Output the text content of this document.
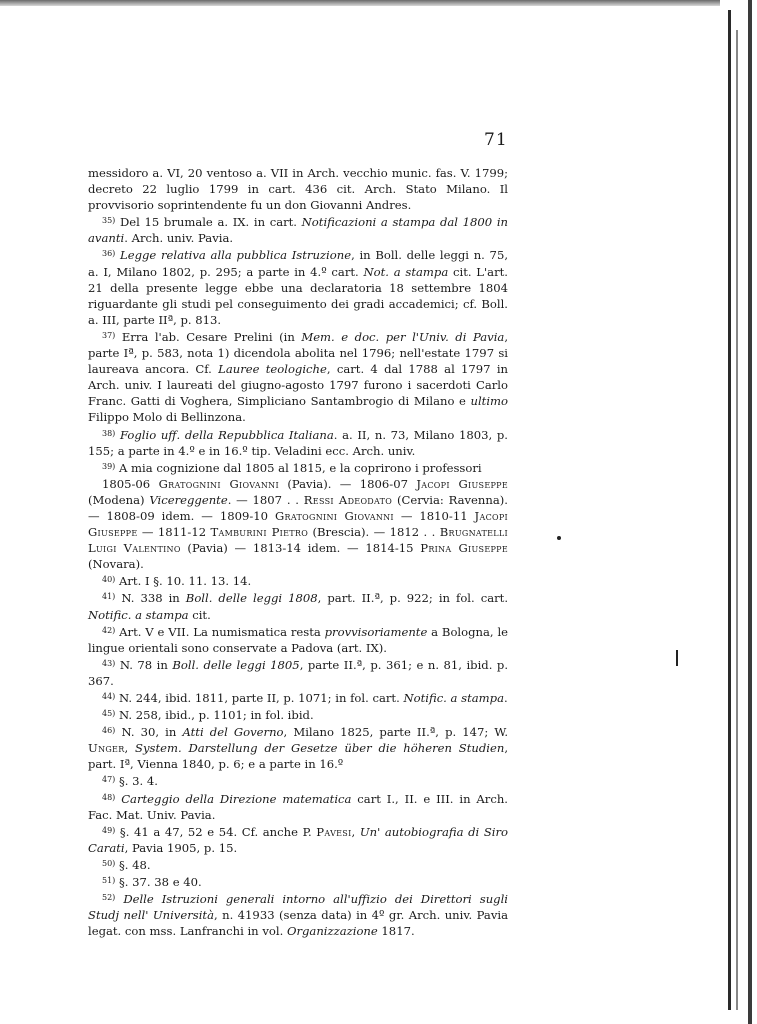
71

messidoro a. VI, 20 ventoso a. VII in Arch. vecchio munic. fas. V. 1799; decreto 22 luglio 1799 in cart. 436 cit. Arch. Stato Milano. Il provvisorio soprintendente fu un don Giovanni Andres.

$^{35)}$ Del 15 brumale a. IX. in cart. Notificazioni a stampa dal 1800 in avanti. Arch. univ. Pavia.

$^{36)}$ Legge relativa alla pubblica Istruzione, in Boll. delle leggi n. 75, a. I, Milano 1802, p. 295; a parte in 4.º cart. Not. a stampa cit. L'art. 21 della presente legge ebbe una declaratoria 18 settembre 1804 riguardante gli studi pel conseguimento dei gradi accademici; cf. Boll. a. III, parte IIª, p. 813.

$^{37)}$ Erra l'ab. Cesare Prelini (in Mem. e doc. per l'Univ. di Pavia, parte Iª, p. 583, nota 1) dicendola abolita nel 1796; nell'estate 1797 si laureava ancora. Cf. Lauree teologiche, cart. 4 dal 1788 al 1797 in Arch. univ. I laureati del giugno-agosto 1797 furono i sacerdoti Carlo Franc. Gatti di Voghera, Simpliciano Santambrogio di Milano e ultimo Filippo Molo di Bellinzona.

$^{38)}$ Foglio uff. della Repubblica Italiana. a. II, n. 73, Milano 1803, p. 155; a parte in 4.º e in 16.º tip. Veladini ecc. Arch. univ.

$^{39)}$ A mia cognizione dal 1805 al 1815, e la coprirono i professori

1805-06 Gratognini Giovanni (Pavia). — 1806-07 Jacopi Giuseppe (Modena) Vicereggente. — 1807 . . Ressi Adeodato (Cervia: Ravenna). — 1808-09 idem. — 1809-10 Gratognini Giovanni — 1810-11 Jacopi Giuseppe — 1811-12 Tamburini Pietro (Brescia). — 1812 . . Brugnatelli Luigi Valentino (Pavia) — 1813-14 idem. — 1814-15 Prina Giuseppe (Novara).

$^{40)}$ Art. I §. 10. 11. 13. 14.

$^{41)}$ N. 338 in Boll. delle leggi 1808, part. II.ª, p. 922; in fol. cart. Notific. a stampa cit.

$^{42)}$ Art. V e VII. La numismatica resta provvisoriamente a Bologna, le lingue orientali sono conservate a Padova (art. IX).

$^{43)}$ N. 78 in Boll. delle leggi 1805, parte II.ª, p. 361; e n. 81, ibid. p. 367.

$^{44)}$ N. 244, ibid. 1811, parte II, p. 1071; in fol. cart. Notific. a stampa.

$^{45)}$ N. 258, ibid., p. 1101; in fol. ibid.

$^{46)}$ N. 30, in Atti del Governo, Milano 1825, parte II.ª, p. 147; W. Unger, System. Darstellung der Gesetze über die höheren Studien, part. Iª, Vienna 1840, p. 6; e a parte in 16.º

$^{47)}$ §. 3. 4.

$^{48)}$ Carteggio della Direzione matematica cart I., II. e III. in Arch. Fac. Mat. Univ. Pavia.

$^{49)}$ §. 41 a 47, 52 e 54. Cf. anche P. Pavesi, Un' autobiografia di Siro Carati, Pavia 1905, p. 15.

$^{50)}$ §. 48.

$^{51)}$ §. 37. 38 e 40.

$^{52)}$ Delle Istruzioni generali intorno all'uffizio dei Direttori sugli Studj nell' Università, n. 41933 (senza data) in 4º gr. Arch. univ. Pavia legat. con mss. Lanfranchi in vol. Organizzazione 1817.
